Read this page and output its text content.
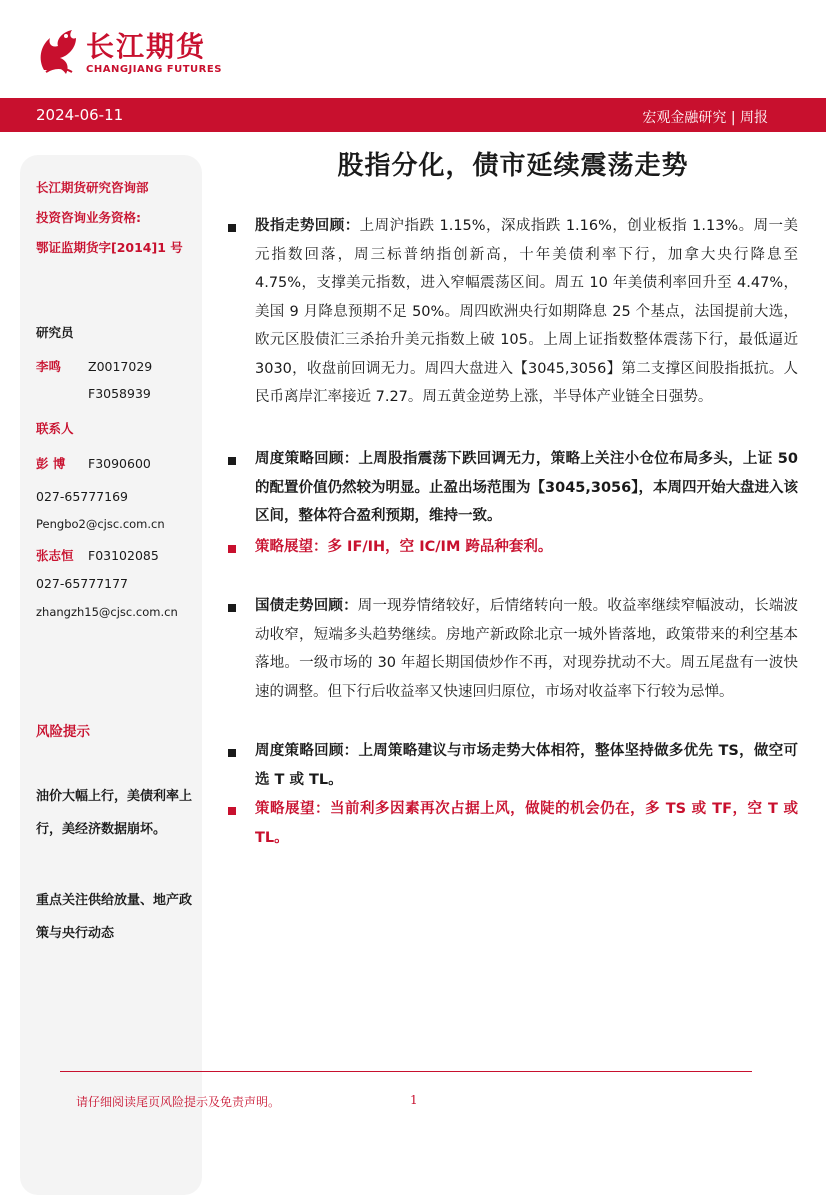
长江期货
CHANGJIANG FUTURES
2024-06-11	宏观金融研究 | 周报
长江期货研究咨询部
投资咨询业务资格:
鄂证监期货字[2014]1 号
研究员
李鸣 Z0017029
F3058939
联系人
彭 博 F3090600
027-65777169
Pengbo2@cjsc.com.cn
张志恒 F03102085
027-65777177
zhangzh15@cjsc.com.cn
风险提示
油价大幅上行，美债利率上行，美经济数据崩坏。
重点关注供给放量、地产政策与央行动态
股指分化，债市延续震荡走势
股指走势回顾：上周沪指跌 1.15%，深成指跌 1.16%，创业板指 1.13%。周一美元指数回落，周三标普纳指创新高，十年美债利率下行，加拿大央行降息至 4.75%，支撑美元指数，进入窄幅震荡区间。周五 10 年美债利率回升至 4.47%，美国 9 月降息预期不足 50%。周四欧洲央行如期降息 25 个基点，法国提前大选，欧元区股债汇三杀抬升美元指数上破 105。上周上证指数整体震荡下行，最低逼近 3030，收盘前回调无力。周四大盘进入【3045,3056】第二支撑区间股指抵抗。人民币离岸汇率接近 7.27。周五黄金逆势上涨，半导体产业链全日强势。
周度策略回顾：上周股指震荡下跌回调无力，策略上关注小仓位布局多头，上证 50 的配置价值仍然较为明显。止盈出场范围为【3045,3056】，本周四开始大盘进入该区间，整体符合盈利预期，维持一致。
策略展望：多 IF/IH，空 IC/IM 跨品种套利。
国债走势回顾：周一现券情绪较好，后情绪转向一般。收益率继续窄幅波动，长端波动收窄，短端多头趋势继续。房地产新政除北京一城外皆落地，政策带来的利空基本落地。一级市场的 30 年超长期国债炒作不再，对现券扰动不大。周五尾盘有一波快速的调整。但下行后收益率又快速回归原位，市场对收益率下行较为忌惮。
周度策略回顾：上周策略建议与市场走势大体相符，整体坚持做多优先 TS，做空可选 T 或 TL。
策略展望：当前利多因素再次占据上风，做陡的机会仍在，多 TS 或 TF，空 T 或 TL。
请仔细阅读尾页风险提示及免责声明。	1
